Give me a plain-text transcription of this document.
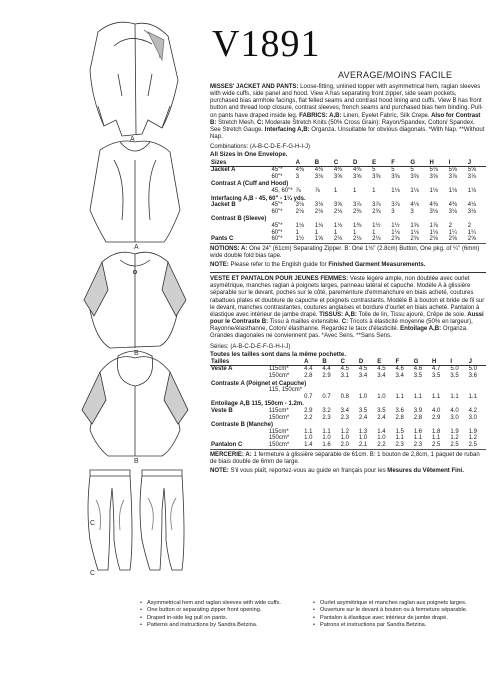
A
A
B
B
C
C
V1891
AVERAGE/MOINS FACILE
MISSES' JACKET AND PANTS: Loose-fitting, unlined topper with asymmetrical hem, raglan sleeves with wide cuffs, side panel and hood. View A has separating front zipper, side seam pockets, purchased bias armhole facings, flat felled seams and contrast hood lining and cuffs. View B has front button and thread loop closure, contrast sleeves, french seams and purchased bias hem binding. Pull-on pants have draped inside leg. FABRICS: A,B: Linen, Eyelet Fabric, Silk Crepe. Also for Contrast B: Stretch Mesh. C: Moderate Stretch Knits (50% Cross Grain): Rayon/Spandex, Cotton/ Spandex. See Stretch Gauge. Interfacing A,B: Organza. Unsuitable for obvious diagonals. *With Nap. **Without Nap.
Combinations: (A-B-C-D-E-F-G-H-I-J)
All Sizes In One Envelope.
Sizes		A	B	C	D	E	F	G	H	I	J
Jacket A	45"*	4⅜	4⅜	4⅜	4⅜	5	5	5	5⅛	5⅝	5⅝
	60"*	3	3⅛	3⅝	3⅝	3⅝	3⅝	3⅝	3⅝	3⅞	3⅞
Contrast A (Cuff and Hood)											
	45, 60"*	⅞	⅞	1	1	1	1⅛	1⅛	1⅛	1⅛	1⅛
Interfacing A,B - 45, 60" - 1¼ yds.											
Jacket B	45"*	3⅛	3⅛	3⅝	3⅞	3⅞	3⅞	4⅛	4⅜	4⅜	4⅛
	60"*	2⅛	2⅛	2⅛	2⅜	2⅝	3	3	3⅛	3⅛	3⅛
Contrast B (Sleeve)											
	45"*	1⅛	1⅛	1⅛	1⅜	1½	1½	1⅝	1⅞	2	2
	60"*	1	1	1	1	1	1⅛	1⅛	1⅛	1¼	1¼
Pants C	60"*	1½	1⅝	2⅛	2⅛	2⅛	2⅝	2⅝	2⅝	2⅝	2⅝
NOTIONS: A: One 24" (61cm) Separating Zipper. B: One 1⅛" (2.8cm) Button, One pkg. of ¼" (6mm) wide double fold bias tape.
NOTE: Please refer to the English guide for Finished Garment Measurements.
VESTE ET PANTALON POUR JEUNES FEMMES: Veste légère ample, non doublée avec ourlet asymétrique, manches raglan à poignets larges, panneau latéral et capuche. Modèle A à glissière séparable sur le devant, poches sur le côté, parementure d'emmanchure en biais acheté, coutures rabattues plates et doublure de capuche et poignets contrastants. Modèle B à bouton et bride de fil sur le devant, manches contrastantes, coutures anglaises et bordure d'ourlet en biais acheté. Pantalon à élastique avec intérieur de jambe drapé. TISSUS: A,B: Toile de lin, Tissu ajouré, Crêpe de soie. Aussi pour le Contraste B: Tissu à mailles extensible. C: Tricots à élasticité moyenne (50% en largeur), Rayonne/élasthanne, Coton/ élasthanne. Regardez le taux d'élasticité. Entoilage A,B: Organza. Grandes diagonales ne conviennent pas. *Avec Sens. **Sans Sens.
Séries: (A-B-C-D-E-F-G-H-I-J)
Toutes les tailles sont dans la même pochette.
Tailles		A	B	C	D	E	F	G	H	I	J
Veste A	115cm*	4.4	4.4	4.5	4.5	4.5	4.6	4.6	4.7	5.0	5.0
	150cm*	2.8	2.9	3.1	3.4	3.4	3.4	3.5	3.5	3.5	3.6
Contraste A (Poignet et Capuche)											
	115, 150cm*										
		0.7	0.7	0.8	1.0	1.0	1.1	1.1	1.1	1.1	1.1
Entoilage A,B 115, 150cm - 1.2m.											
Veste B	115cm*	2.9	3.2	3.4	3.5	3.5	3.6	3.9	4.0	4.0	4.2
	150cm*	2.2	2.3	2.3	2.4	2.4	2.8	2.8	2.9	3.0	3.0
Contraste B (Manche)											
	115cm*	1.1	1.1	1.2	1.3	1.4	1.5	1.6	1.8	1.9	1.9
	150cm*	1.0	1.0	1.0	1.0	1.0	1.1	1.1	1.1	1.2	1.2
Pantalon C	150cm*	1.4	1.6	2.0	2.1	2.2	2.3	2.3	2.5	2.5	2.5
MERCERIE: A: 1 fermeture à glissière séparable de 61cm. B: 1 bouton de 2,8cm, 1 paquet de ruban de biais double de 6mm de large.
NOTE: S'il vous plaît, reportez-vous au guide en français pour les Mesures du Vêtement Fini.
• Asymmetrical hem and raglan sleeves with wide cuffs.
• One button or separating zipper front opening.
• Draped in-side leg pull on pants.
• Patterns and instructions by Sandra Betzina.
• Ourlet asymétrique et manches raglan aux poignets larges.
• Ouverture sur le devant à bouton ou à fermeture séparable.
• Pantalon à élastique avec intérieur de jambe drapé.
• Patrons et instructions par Sandra Betzina.
